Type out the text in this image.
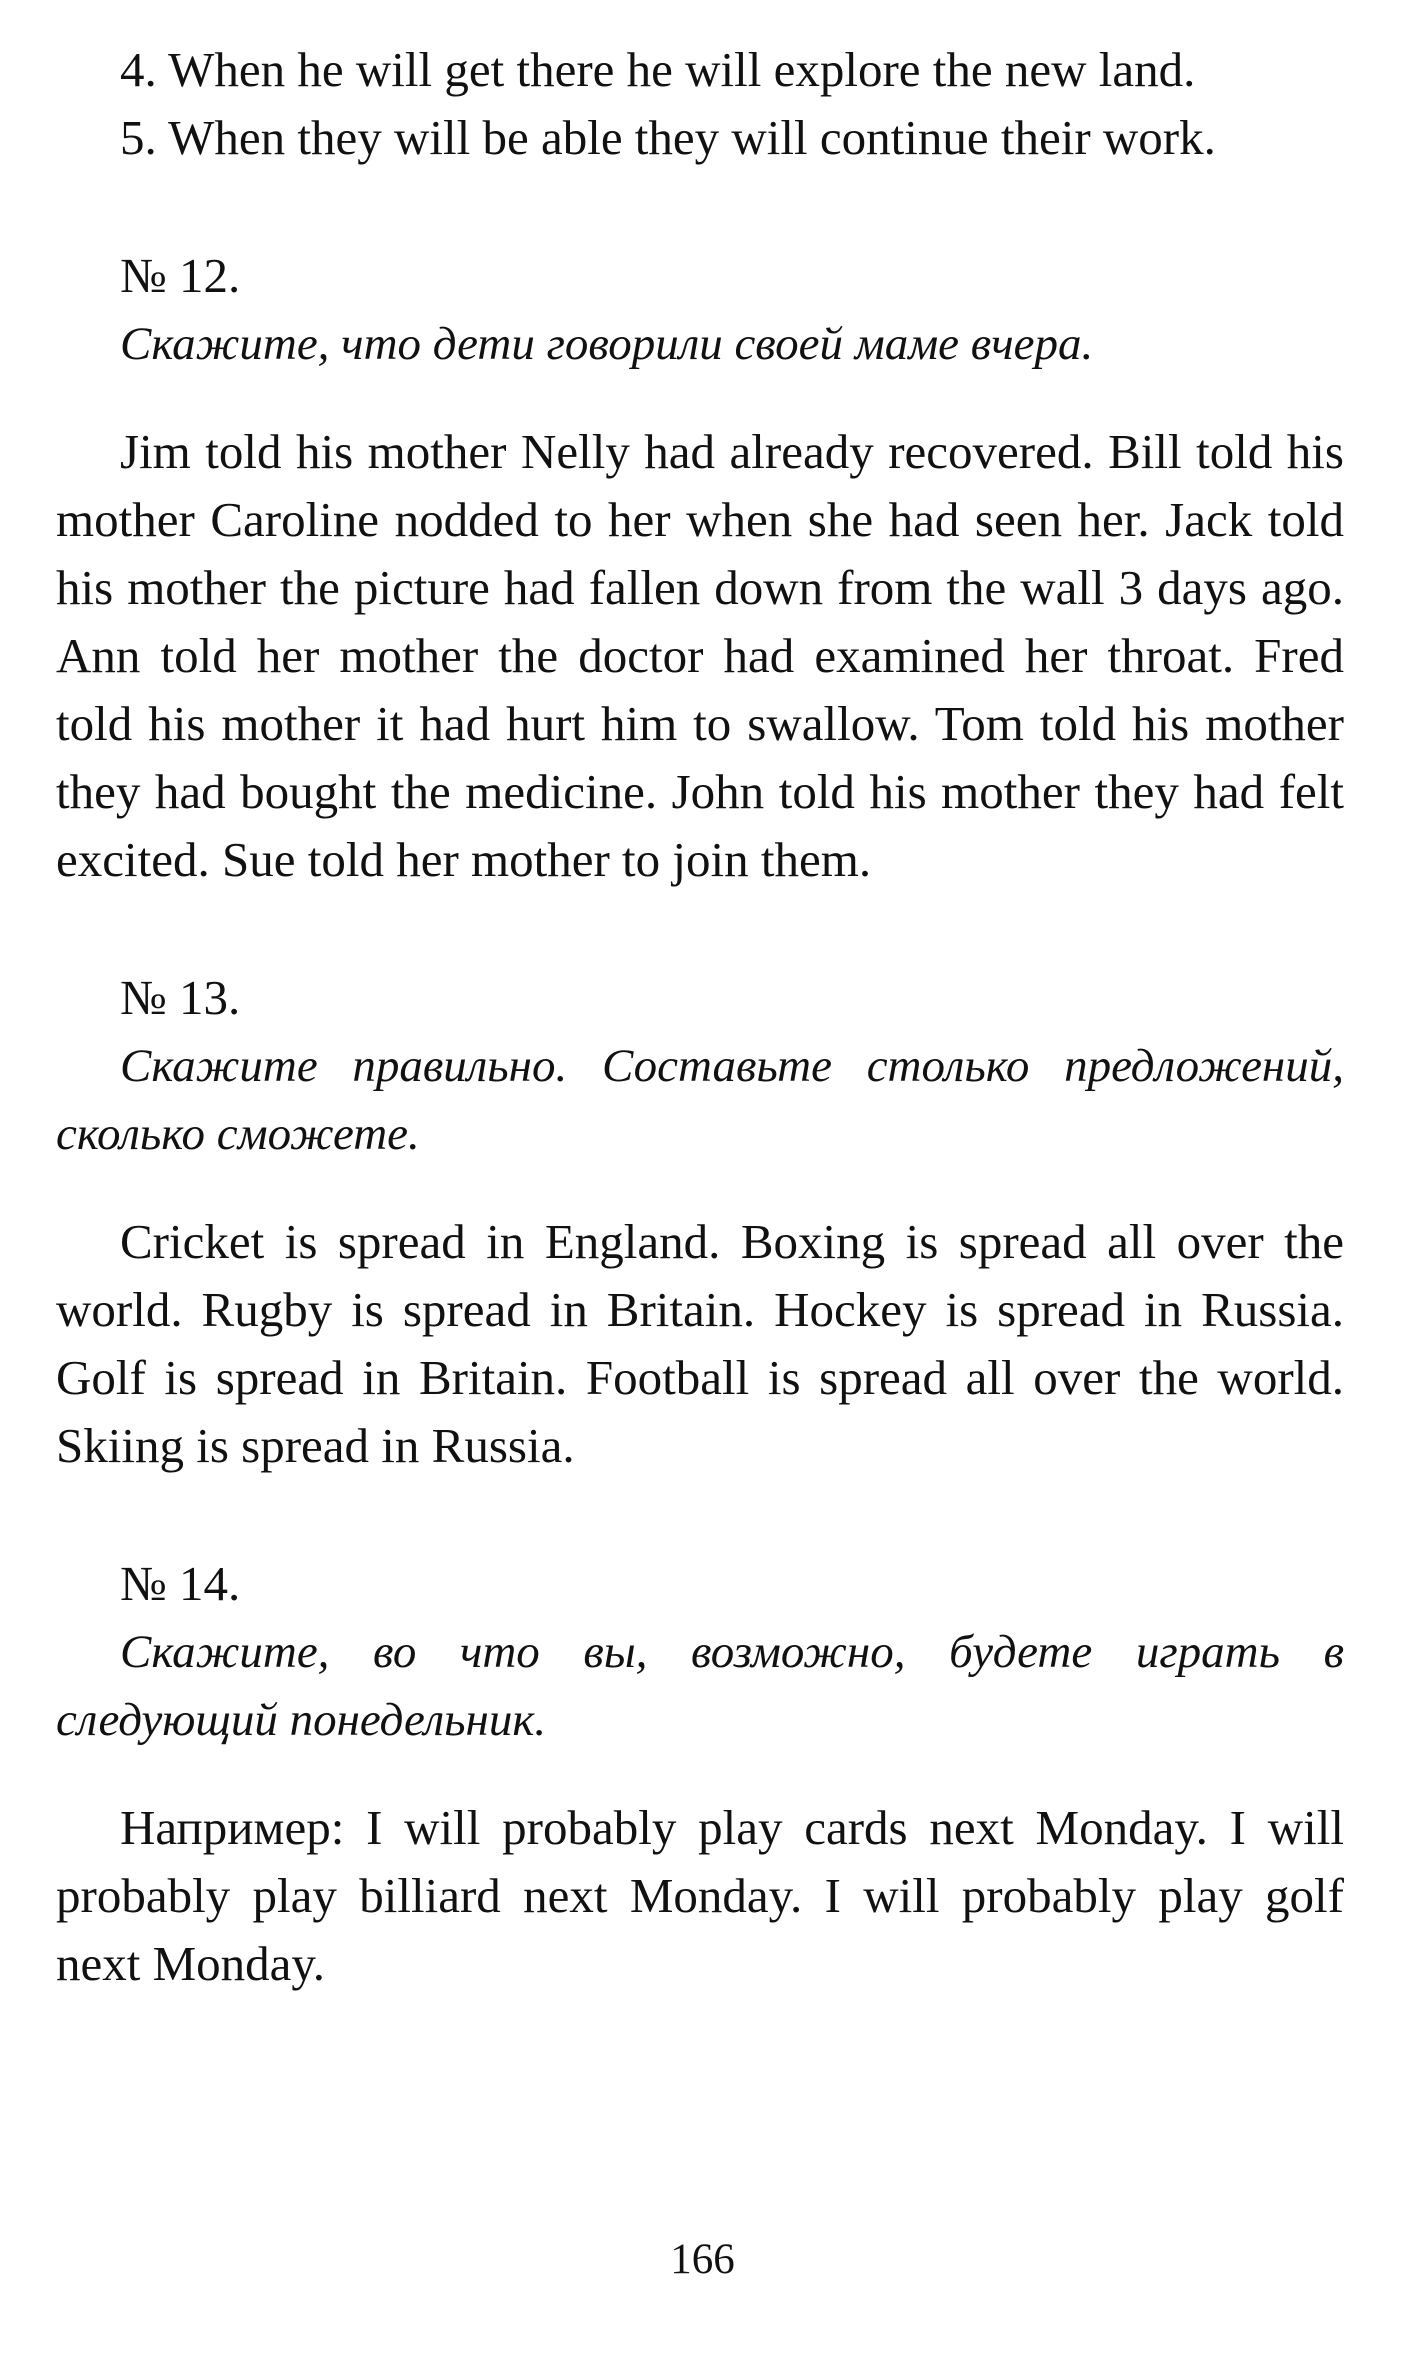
4. When he will get there he will explore the new land.

5. When they will be able they will continue their work.

№ 12.

Скажите, что дети говорили своей маме вчера.

Jim told his mother Nelly had already recovered. Bill told his mother Caroline nodded to her when she had seen her. Jack told his mother the picture had fallen down from the wall 3 days ago. Ann told her mother the doctor had examined her throat. Fred told his mother it had hurt him to swallow. Tom told his mother they had bought the medicine. John told his mother they had felt excited. Sue told her mother to join them.

№ 13.

Скажите правильно. Составьте столько предложений, сколько сможете.

Cricket is spread in England. Boxing is spread all over the world. Rugby is spread in Britain. Hockey is spread in Russia. Golf is spread in Britain. Football is spread all over the world. Skiing is spread in Russia.

№ 14.

Скажите, во что вы, возможно, будете играть в следующий понедельник.

Например: I will probably play cards next Monday. I will probably play billiard next Monday. I will probably play golf next Monday.

166
